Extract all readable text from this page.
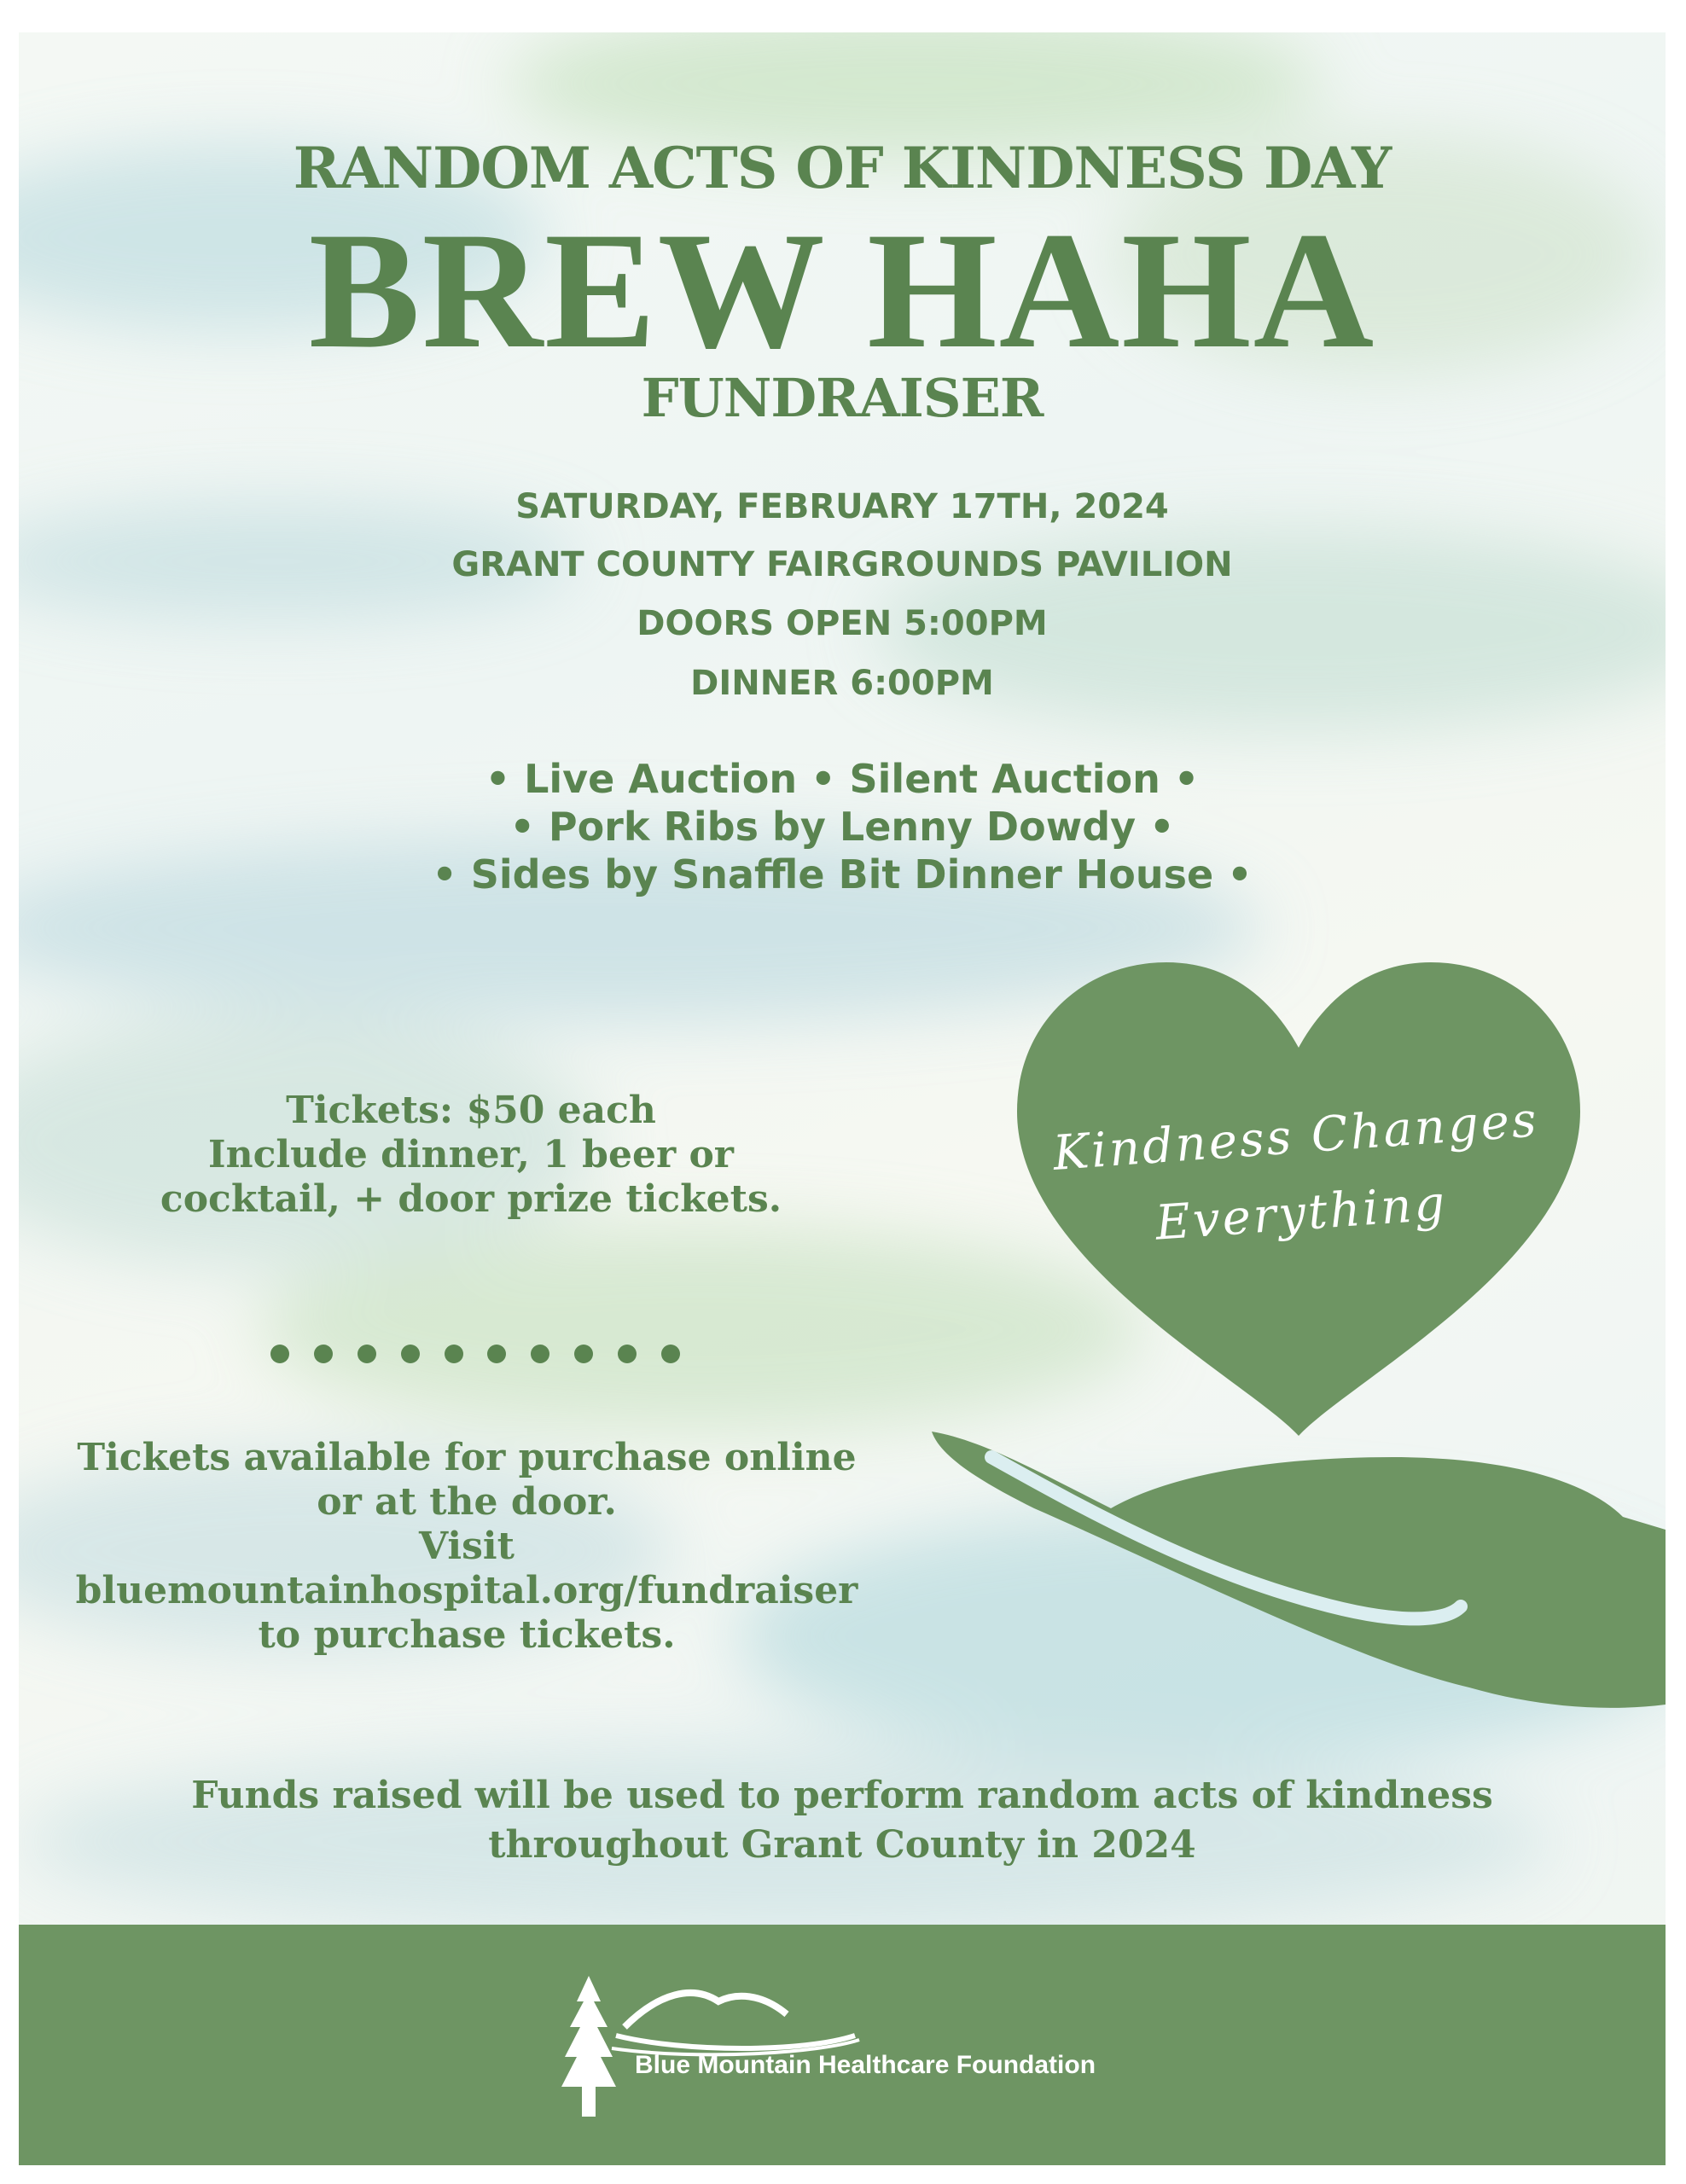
RANDOM ACTS OF KINDNESS DAY
BREW HAHA
FUNDRAISER
SATURDAY, FEBRUARY 17TH, 2024
GRANT COUNTY FAIRGROUNDS PAVILION
DOORS OPEN 5:00PM
DINNER 6:00PM
• Live Auction • Silent Auction •
• Pork Ribs by Lenny Dowdy •
• Sides by Snaffle Bit Dinner House •
Tickets: $50 each
Include dinner, 1 beer or
cocktail, + door prize tickets.
Tickets available for purchase online
or at the door.
Visit
bluemountainhospital.org/fundraiser
to purchase tickets.
Kindness Changes
Everything
Funds raised will be used to perform random acts of kindness
throughout Grant County in 2024
Blue Mountain Healthcare Foundation
